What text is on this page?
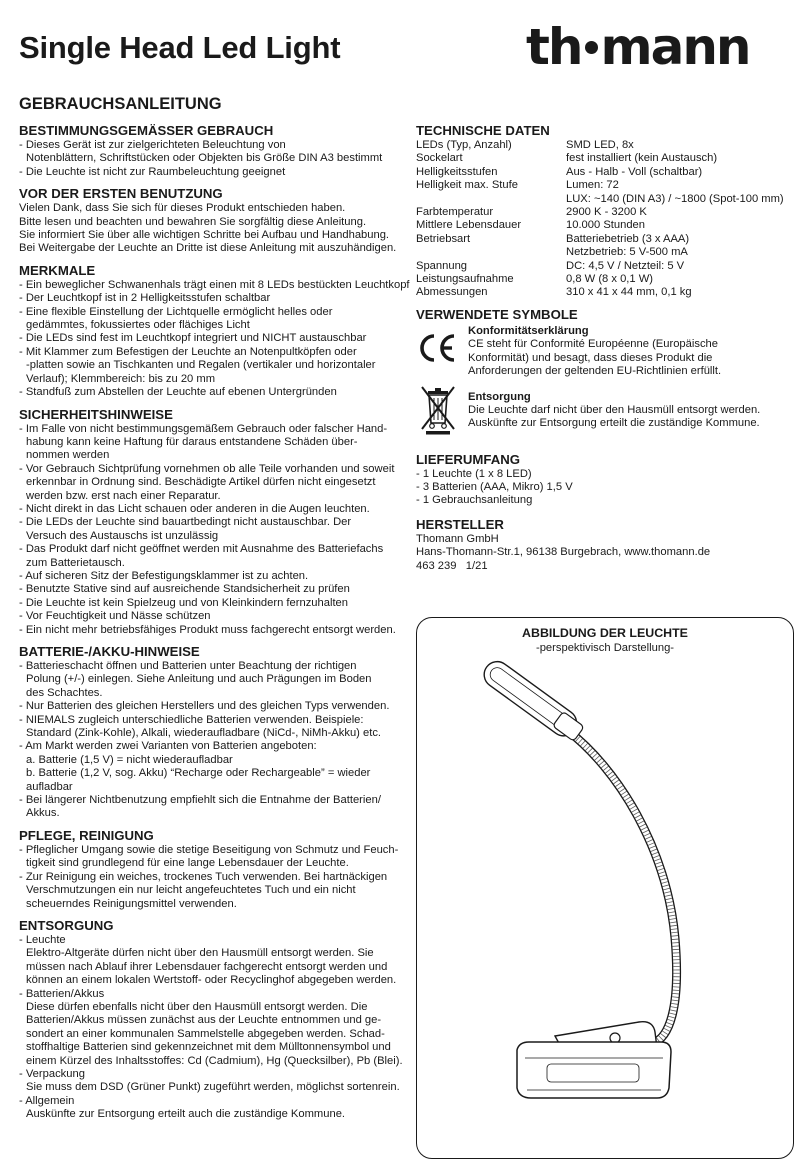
Single Head Led Light	th mann
GEBRAUCHSANLEITUNG
BESTIMMUNGSGEMÄSSER GEBRAUCH
- Dieses Gerät ist zur zielgerichteten Beleuchtung von
Notenblättern, Schriftstücken oder Objekten bis Größe DIN A3 bestimmt
- Die Leuchte ist nicht zur Raumbeleuchtung geeignet
VOR DER ERSTEN BENUTZUNG
Vielen Dank, dass Sie sich für dieses Produkt entschieden haben.
Bitte lesen und beachten und bewahren Sie sorgfältig diese Anleitung.
Sie informiert Sie über alle wichtigen Schritte bei Aufbau und Handhabung.
Bei Weitergabe der Leuchte an Dritte ist diese Anleitung mit auszuhändigen.
MERKMALE
- Ein beweglicher Schwanenhals trägt einen mit 8 LEDs bestückten Leuchtkopf
- Der Leuchtkopf ist in 2 Helligkeitsstufen schaltbar
- Eine flexible Einstellung der Lichtquelle ermöglicht helles oder
gedämmtes, fokussiertes oder flächiges Licht
- Die LEDs sind fest im Leuchtkopf integriert und NICHT austauschbar
- Mit Klammer zum Befestigen der Leuchte an Notenpultköpfen oder
-platten sowie an Tischkanten und Regalen (vertikaler und horizontaler
Verlauf); Klemmbereich: bis zu 20 mm
- Standfuß zum Abstellen der Leuchte auf ebenen Untergründen
SICHERHEITSHINWEISE
- Im Falle von nicht bestimmungsgemäßem Gebrauch oder falscher Hand-
habung kann keine Haftung für daraus entstandene Schäden über-
nommen werden
- Vor Gebrauch Sichtprüfung vornehmen ob alle Teile vorhanden und soweit
erkennbar in Ordnung sind. Beschädigte Artikel dürfen nicht eingesetzt
werden bzw. erst nach einer Reparatur.
- Nicht direkt in das Licht schauen oder anderen in die Augen leuchten.
- Die LEDs der Leuchte sind bauartbedingt nicht austauschbar. Der
Versuch des Austauschs ist unzulässig
- Das Produkt darf nicht geöffnet werden mit Ausnahme des Batteriefachs
zum Batterietausch.
- Auf sicheren Sitz der Befestigungsklammer ist zu achten.
- Benutzte Stative sind auf ausreichende Standsicherheit zu prüfen
- Die Leuchte ist kein Spielzeug und von Kleinkindern fernzuhalten
- Vor Feuchtigkeit und Nässe schützen
- Ein nicht mehr betriebsfähiges Produkt muss fachgerecht entsorgt werden.
BATTERIE-/AKKU-HINWEISE
- Batterieschacht öffnen und Batterien unter Beachtung der richtigen
Polung (+/-) einlegen. Siehe Anleitung und auch Prägungen im Boden
des Schachtes.
- Nur Batterien des gleichen Herstellers und des gleichen Typs verwenden.
- NIEMALS zugleich unterschiedliche Batterien verwenden. Beispiele:
Standard (Zink-Kohle), Alkali, wiederaufladbare (NiCd-, NiMh-Akku) etc.
- Am Markt werden zwei Varianten von Batterien angeboten:
a. Batterie (1,5 V) = nicht wiederaufladbar
b. Batterie (1,2 V, sog. Akku) “Recharge oder Rechargeable” = wieder
aufladbar
- Bei längerer Nichtbenutzung empfiehlt sich die Entnahme der Batterien/
Akkus.
PFLEGE, REINIGUNG
- Pfleglicher Umgang sowie die stetige Beseitigung von Schmutz und Feuch-
tigkeit sind grundlegend für eine lange Lebensdauer der Leuchte.
- Zur Reinigung ein weiches, trockenes Tuch verwenden. Bei hartnäckigen
Verschmutzungen ein nur leicht angefeuchtetes Tuch und ein nicht
scheuerndes Reinigungsmittel verwenden.
ENTSORGUNG
- Leuchte
Elektro-Altgeräte dürfen nicht über den Hausmüll entsorgt werden. Sie
müssen nach Ablauf ihrer Lebensdauer fachgerecht entsorgt werden und
können an einem lokalen Wertstoff- oder Recyclinghof abgegeben werden.
- Batterien/Akkus
Diese dürfen ebenfalls nicht über den Hausmüll entsorgt werden. Die
Batterien/Akkus müssen zunächst aus der Leuchte entnommen und ge-
sondert an einer kommunalen Sammelstelle abgegeben werden. Schad-
stoffhaltige Batterien sind gekennzeichnet mit dem Mülltonnensymbol und
einem Kürzel des Inhaltsstoffes: Cd (Cadmium), Hg (Quecksilber), Pb (Blei).
- Verpackung
Sie muss dem DSD (Grüner Punkt) zugeführt werden, möglichst sortenrein.
- Allgemein
Auskünfte zur Entsorgung erteilt auch die zuständige Kommune.
TECHNISCHE DATEN
LEDs (Typ, Anzahl)	SMD LED, 8x
Sockelart	fest installiert (kein Austausch)
Helligkeitsstufen	Aus - Halb - Voll (schaltbar)
Helligkeit max. Stufe	Lumen: 72
LUX: ~140 (DIN A3) / ~1800 (Spot-100 mm)
Farbtemperatur	2900 K - 3200 K
Mittlere Lebensdauer	10.000 Stunden
Betriebsart	Batteriebetrieb (3 x AAA)
Netzbetrieb: 5 V-500 mA
Spannung	DC: 4,5 V / Netzteil: 5 V
Leistungsaufnahme	0,8 W (8 x 0,1 W)
Abmessungen	310 x 41 x 44 mm, 0,1 kg
VERWENDETE SYMBOLE
Konformitätserklärung
CE steht für Conformité Européenne (Europäische
Konformität) und besagt, dass dieses Produkt die
Anforderungen der geltenden EU-Richtlinien erfüllt.
Entsorgung
Die Leuchte darf nicht über den Hausmüll entsorgt werden.
Auskünfte zur Entsorgung erteilt die zuständige Kommune.
LIEFERUMFANG
- 1 Leuchte (1 x 8 LED)
- 3 Batterien (AAA, Mikro) 1,5 V
- 1 Gebrauchsanleitung
HERSTELLER
Thomann GmbH
Hans-Thomann-Str.1, 96138 Burgebrach, www.thomann.de
463 239   1/21
ABBILDUNG DER LEUCHTE
-perspektivisch Darstellung-
